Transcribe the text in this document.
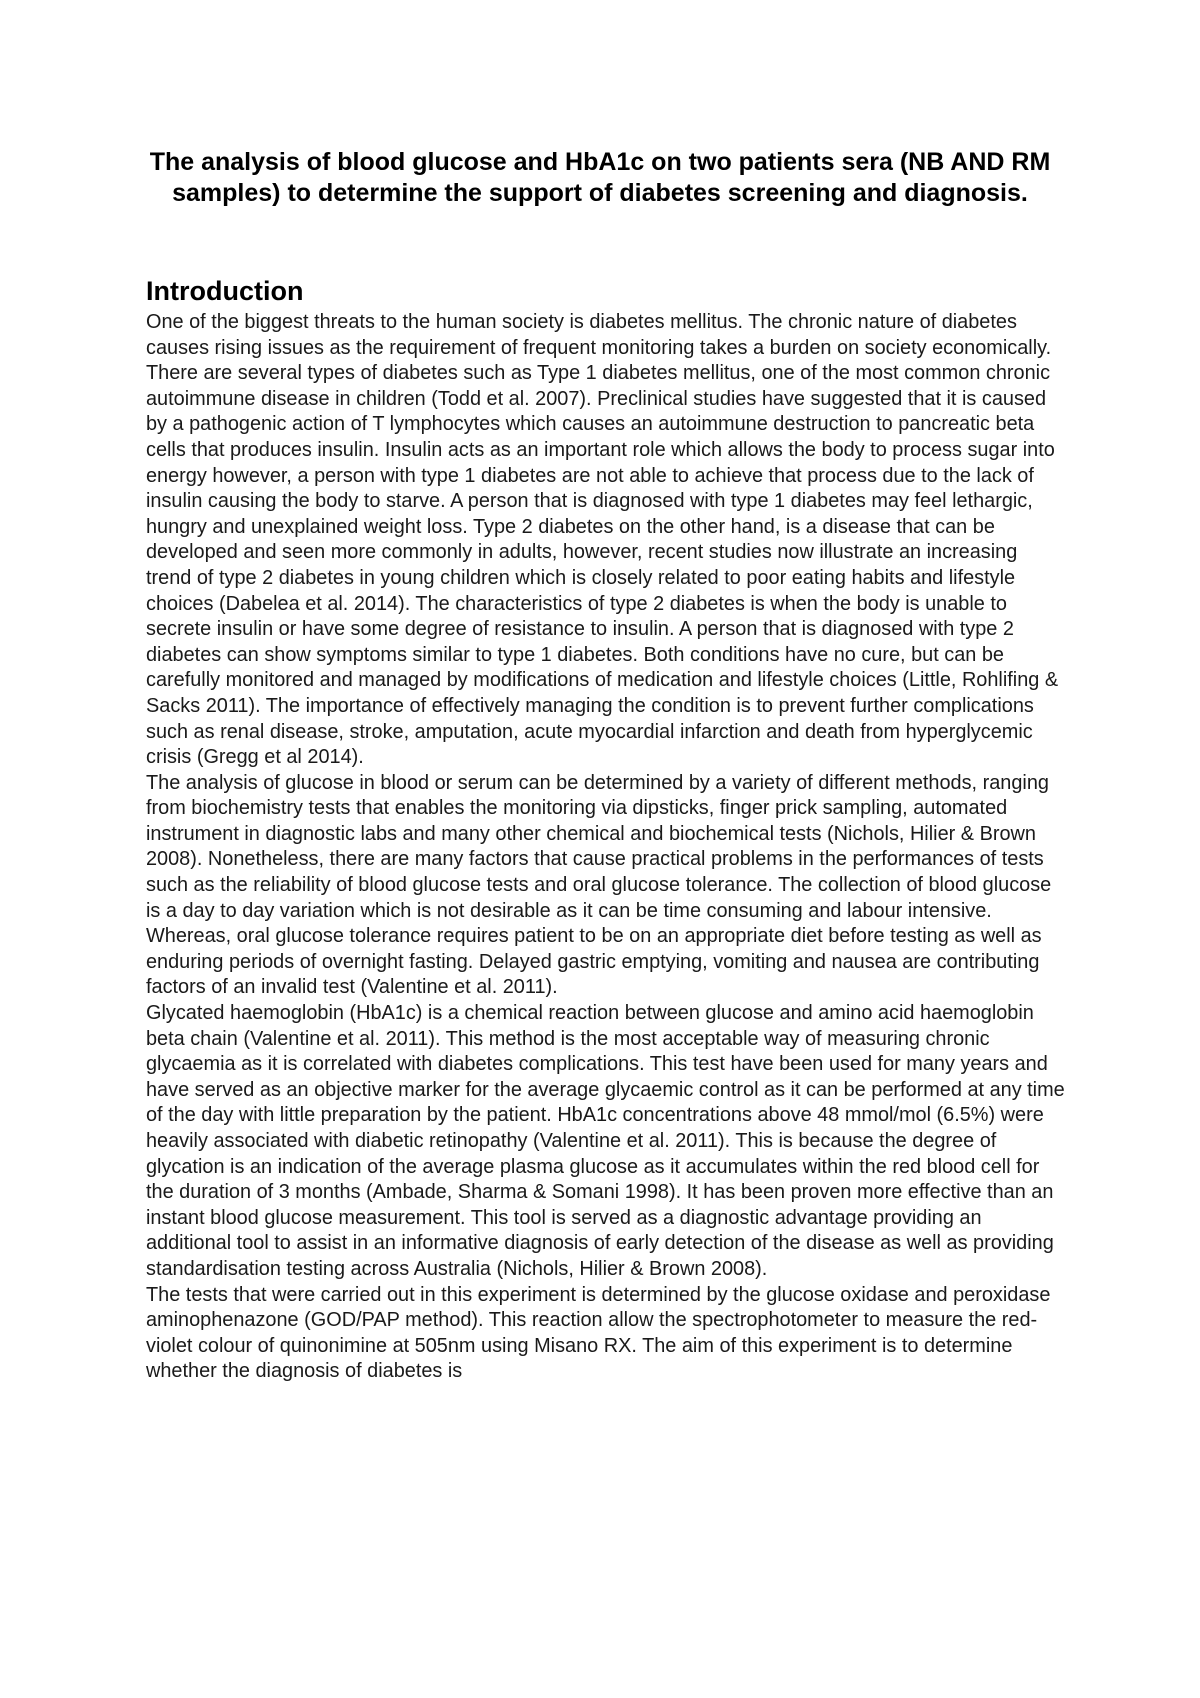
The analysis of blood glucose and HbA1c on two patients sera (NB AND RM samples) to determine the support of diabetes screening and diagnosis.
Introduction

One of the biggest threats to the human society is diabetes mellitus. The chronic nature of diabetes causes rising issues as the requirement of frequent monitoring takes a burden on society economically.

There are several types of diabetes such as Type 1 diabetes mellitus, one of the most common chronic autoimmune disease in children (Todd et al. 2007). Preclinical studies have suggested that it is caused by a pathogenic action of T lymphocytes which causes an autoimmune destruction to pancreatic beta cells that produces insulin. Insulin acts as an important role which allows the body to process sugar into energy however, a person with type 1 diabetes are not able to achieve that process due to the lack of insulin causing the body to starve. A person that is diagnosed with type 1 diabetes may feel lethargic, hungry and unexplained weight loss. Type 2 diabetes on the other hand, is a disease that can be developed and seen more commonly in adults, however, recent studies now illustrate an increasing trend of type 2 diabetes in young children which is closely related to poor eating habits and lifestyle choices (Dabelea et al. 2014). The characteristics of type 2 diabetes is when the body is unable to secrete insulin or have some degree of resistance to insulin. A person that is diagnosed with type 2 diabetes can show symptoms similar to type 1 diabetes. Both conditions have no cure, but can be carefully monitored and managed by modifications of medication and lifestyle choices (Little, Rohlifing & Sacks 2011). The importance of effectively managing the condition is to prevent further complications such as renal disease, stroke, amputation, acute myocardial infarction and death from hyperglycemic crisis (Gregg et al 2014).

The analysis of glucose in blood or serum can be determined by a variety of different methods, ranging from biochemistry tests that enables the monitoring via dipsticks, finger prick sampling, automated instrument in diagnostic labs and many other chemical and biochemical tests (Nichols, Hilier & Brown 2008). Nonetheless, there are many factors that cause practical problems in the performances of tests such as the reliability of blood glucose tests and oral glucose tolerance. The collection of blood glucose is a day to day variation which is not desirable as it can be time consuming and labour intensive. Whereas, oral glucose tolerance requires patient to be on an appropriate diet before testing as well as enduring periods of overnight fasting. Delayed gastric emptying, vomiting and nausea are contributing factors of an invalid test (Valentine et al. 2011).

Glycated haemoglobin (HbA1c) is a chemical reaction between glucose and amino acid haemoglobin beta chain (Valentine et al. 2011). This method is the most acceptable way of measuring chronic glycaemia as it is correlated with diabetes complications. This test have been used for many years and have served as an objective marker for the average glycaemic control as it can be performed at any time of the day with little preparation by the patient. HbA1c concentrations above 48 mmol/mol (6.5%) were heavily associated with diabetic retinopathy (Valentine et al. 2011). This is because the degree of glycation is an indication of the average plasma glucose as it accumulates within the red blood cell for the duration of 3 months (Ambade, Sharma & Somani 1998). It has been proven more effective than an instant blood glucose measurement. This tool is served as a diagnostic advantage providing an additional tool to assist in an informative diagnosis of early detection of the disease as well as providing standardisation testing across Australia (Nichols, Hilier & Brown 2008).

The tests that were carried out in this experiment is determined by the glucose oxidase and peroxidase aminophenazone (GOD/PAP method). This reaction allow the spectrophotometer to measure the red-violet colour of quinonimine at 505nm using Misano RX. The aim of this experiment is to determine whether the diagnosis of diabetes is
